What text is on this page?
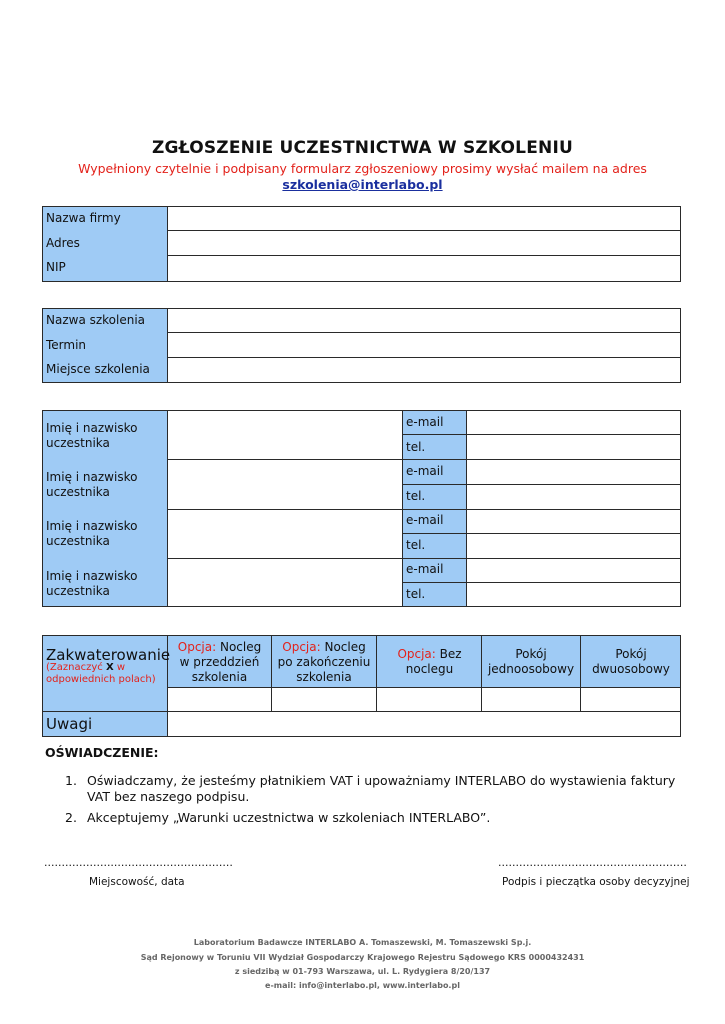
ZGŁOSZENIE UCZESTNICTWA W SZKOLENIU
Wypełniony czytelnie i podpisany formularz zgłoszeniowy prosimy wysłać mailem na adres
szkolenia@interlabo.pl
Nazwa firmy
Adres
NIP
Nazwa szkolenia
Termin
Miejsce szkolenia
Imię i nazwisko uczestnika
Imię i nazwisko uczestnika
Imię i nazwisko uczestnika
Imię i nazwisko uczestnika
e-mail
tel.
e-mail
tel.
e-mail
tel.
e-mail
tel.
Zakwaterowanie
(Zaznaczyć X w odpowiednich polach)
Opcja: Nocleg w przeddzień szkolenia
Opcja: Nocleg po zakończeniu szkolenia
Opcja: Bez noclegu
Pokój jednoosobowy
Pokój dwuosobowy
Uwagi
OŚWIADCZENIE:
1. Oświadczamy, że jesteśmy płatnikiem VAT i upoważniamy INTERLABO do wystawienia faktury VAT bez naszego podpisu.
2. Akceptujemy „Warunki uczestnictwa w szkoleniach INTERLABO”.
......................................................
Miejscowość, data
......................................................
Podpis i pieczątka osoby decyzyjnej
Laboratorium Badawcze INTERLABO A. Tomaszewski, M. Tomaszewski Sp.j.
Sąd Rejonowy w Toruniu VII Wydział Gospodarczy Krajowego Rejestru Sądowego KRS 0000432431
z siedzibą w 01-793 Warszawa, ul. L. Rydygiera 8/20/137
e-mail: info@interlabo.pl, www.interlabo.pl
